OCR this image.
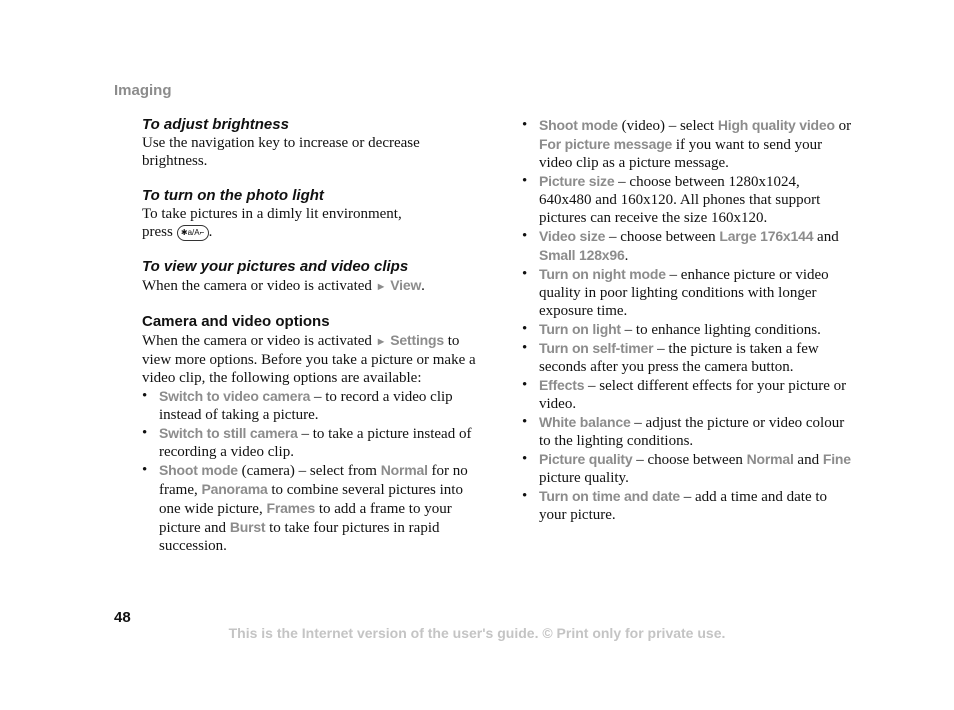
Imaging
To adjust brightness

Use the navigation key to increase or decrease brightness.

To turn on the photo light

To take pictures in a dimly lit environment,
press ✱a/A⌐ .

To view your pictures and video clips

When the camera or video is activated ► View.

Camera and video options

When the camera or video is activated ► Settings to view more options. Before you take a picture or make a video clip, the following options are available:

• Switch to video camera – to record a video clip instead of taking a picture.
• Switch to still camera – to take a picture instead of recording a video clip.
• Shoot mode (camera) – select from Normal for no frame, Panorama to combine several pictures into one wide picture, Frames to add a frame to your picture and Burst to take four pictures in rapid succession.
• Shoot mode (video) – select High quality video or For picture message if you want to send your video clip as a picture message.
• Picture size – choose between 1280x1024, 640x480 and 160x120. All phones that support pictures can receive the size 160x120.
• Video size – choose between Large 176x144 and Small 128x96.
• Turn on night mode – enhance picture or video quality in poor lighting conditions with longer exposure time.
• Turn on light – to enhance lighting conditions.
• Turn on self-timer – the picture is taken a few seconds after you press the camera button.
• Effects – select different effects for your picture or video.
• White balance – adjust the picture or video colour to the lighting conditions.
• Picture quality – choose between Normal and Fine picture quality.
• Turn on time and date – add a time and date to your picture.
48
This is the Internet version of the user's guide. © Print only for private use.
